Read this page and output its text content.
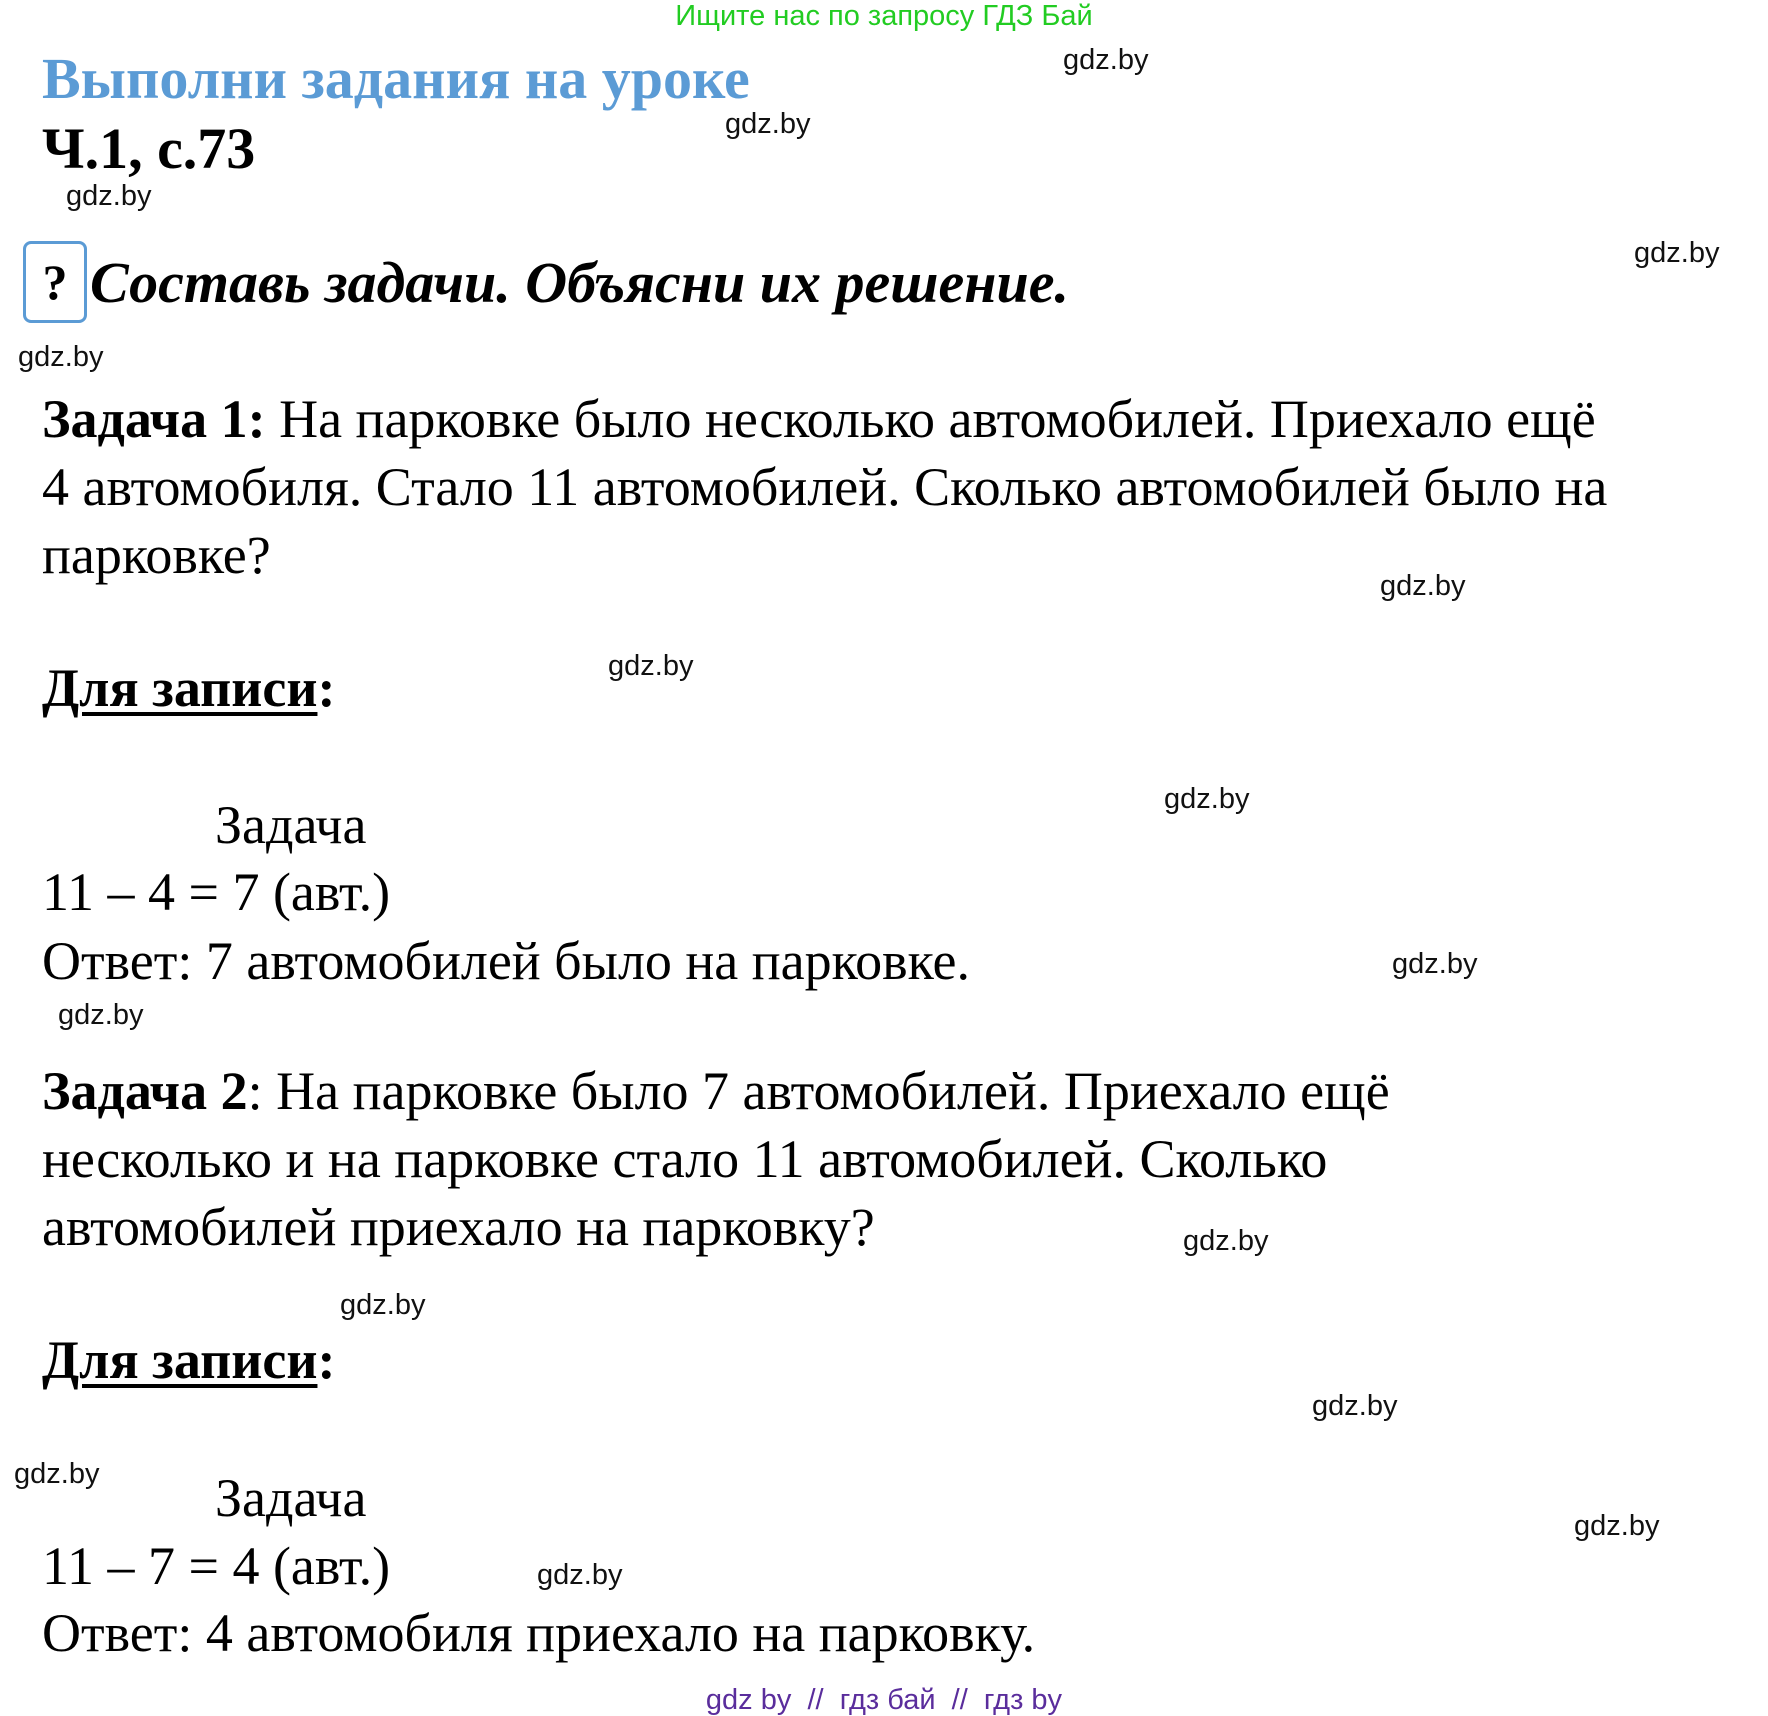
Ищите нас по запросу ГДЗ Бай
Выполни задания на уроке
Ч.1, с.73
? Составь задачи. Объясни их решение.
Задача 1: На парковке было несколько автомобилей. Приехало ещё
4 автомобиля. Стало 11 автомобилей. Сколько автомобилей было на
парковке?
Для записи:
Задача
11 – 4 = 7 (авт.)
Ответ: 7 автомобилей было на парковке.
Задача 2: На парковке было 7 автомобилей. Приехало ещё
несколько и на парковке стало 11 автомобилей. Сколько
автомобилей приехало на парковку?
Для записи:
Задача
11 – 7 = 4 (авт.)
Ответ: 4 автомобиля приехало на парковку.
gdz.by
gdz.by
gdz.by
gdz.by
gdz.by
gdz.by
gdz.by
gdz.by
gdz.by
gdz.by
gdz.by
gdz.by
gdz.by
gdz.by
gdz.by
gdz.by
gdz by  //  гдз бай  //  гдз by
